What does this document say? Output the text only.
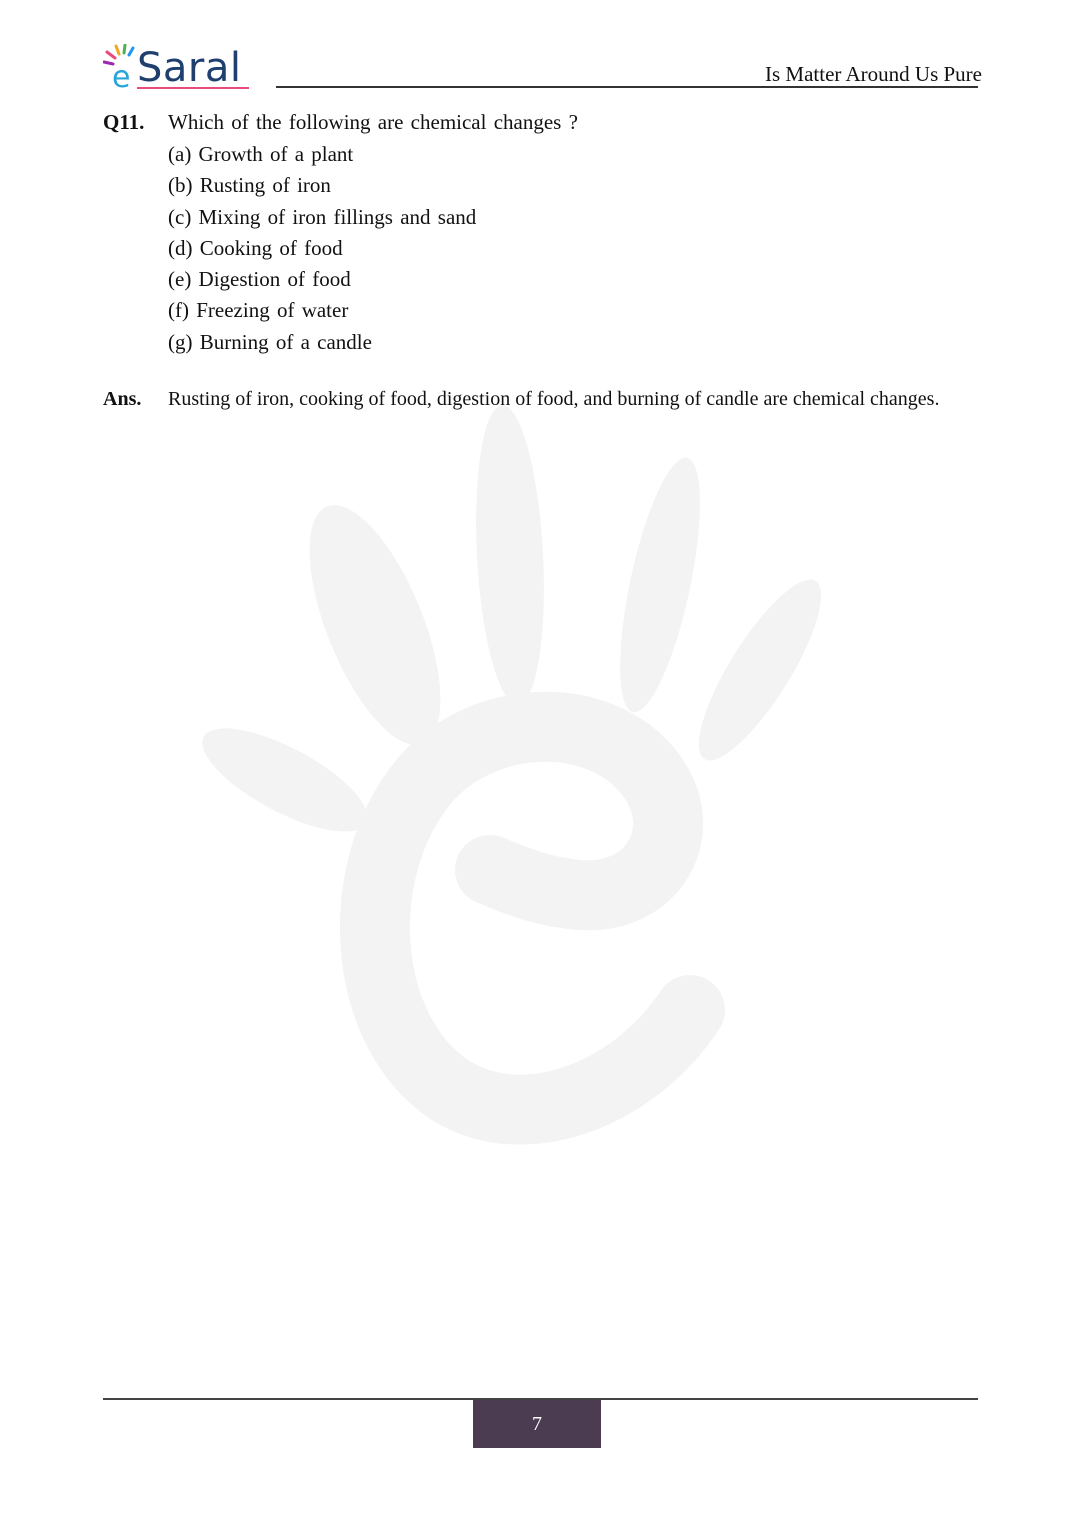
e Saral	Is Matter Around Us Pure
Q11. Which of the following are chemical changes ?
(a) Growth of a plant
(b) Rusting of iron
(c) Mixing of iron fillings and sand
(d) Cooking of food
(e) Digestion of food
(f) Freezing of water
(g) Burning of a candle
Ans. Rusting of iron, cooking of food, digestion of food, and burning of candle are chemical changes.
7
